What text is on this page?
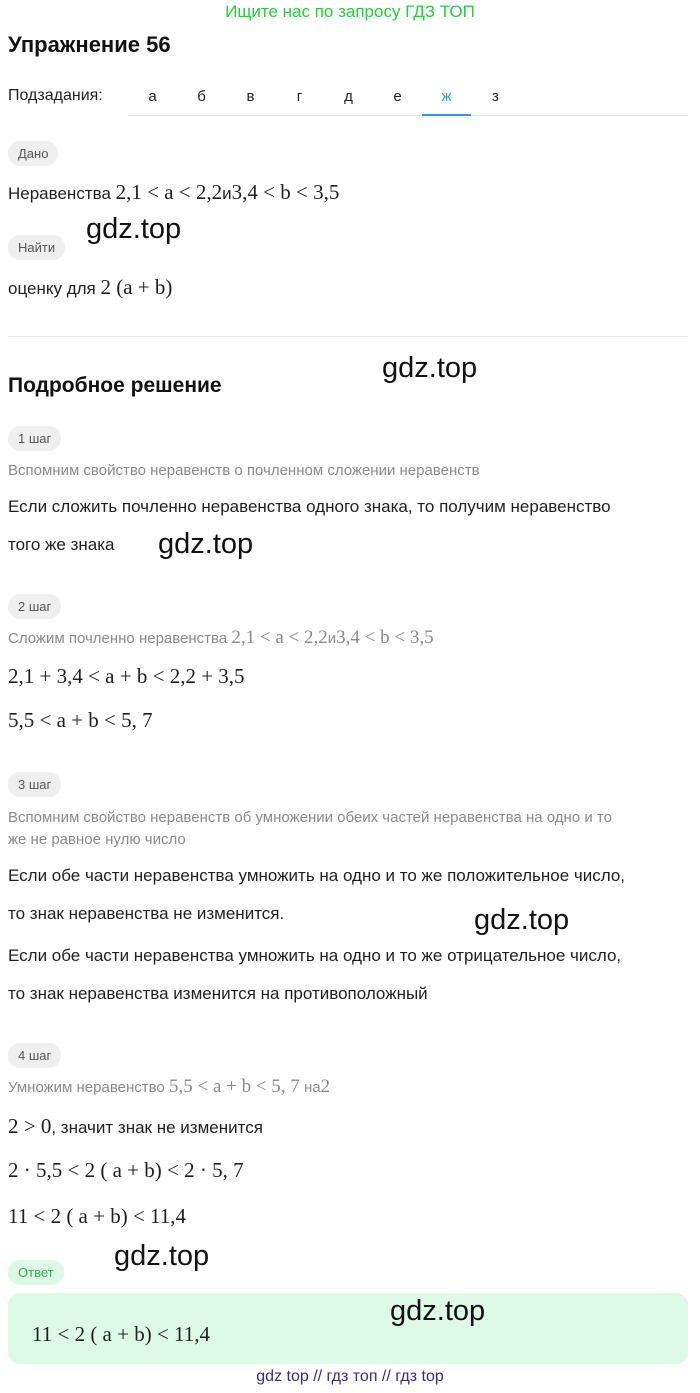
Ищите нас по запросу ГДЗ ТОП
Упражнение 56
Подзадания:	а	б	в	г	д	е	ж	з
Дано
Неравенства 2,1 < a < 2,2и3,4 < b < 3,5
gdz.top
Найти
оценку для 2 (a + b)
Подробное решение
gdz.top
1 шаг
Вспомним свойство неравенств о почленном сложении неравенств
Если сложить почленно неравенства одного знака, то получим неравенство
того же знака gdz.top
2 шаг
Сложим почленно неравенства 2,1 < a < 2,2и3,4 < b < 3,5
2,1 + 3,4 < a + b < 2,2 + 3,5
5,5 < a + b < 5, 7
3 шаг
Вспомним свойство неравенств об умножении обеих частей неравенства на одно и то
же не равное нулю число
Если обе части неравенства умножить на одно и то же положительное число,
то знак неравенства не изменится.	gdz.top
Если обе части неравенства умножить на одно и то же отрицательное число,
то знак неравенства изменится на противоположный
4 шаг
Умножим неравенство 5,5 < a + b < 5, 7 на2
2 > 0, значит знак не изменится
2 · 5,5 < 2 ( a + b) < 2 · 5, 7
11 < 2 ( a + b) < 11,4
Ответ
gdz.top
11 < 2 ( a + b) < 11,4
gdz.top
gdz top // гдз топ // гдз top
